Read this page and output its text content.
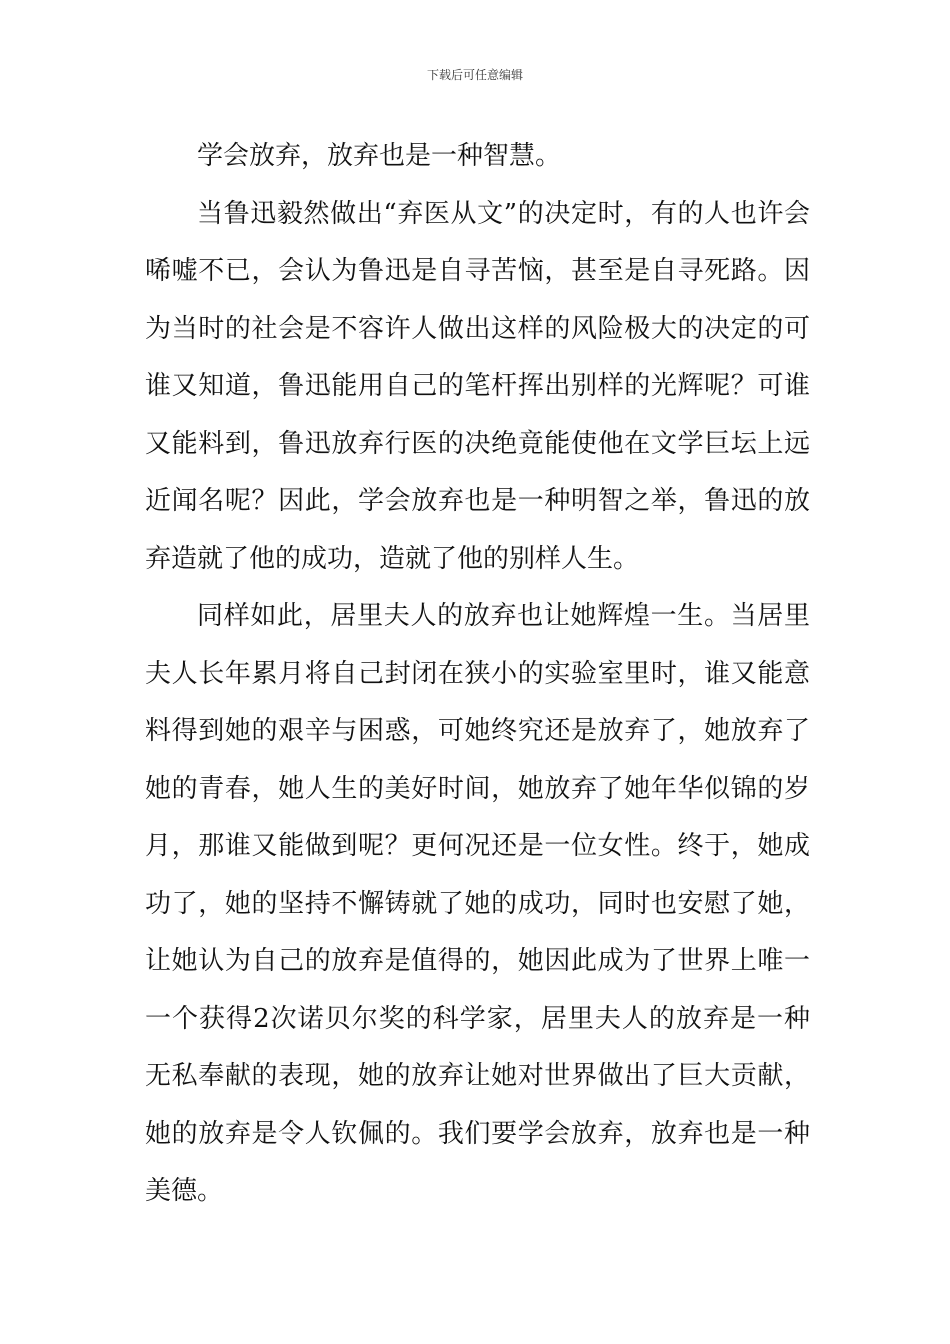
下载后可任意编辑

学会放弃，放弃也是一种智慧。

当鲁迅毅然做出“弃医从文”的决定时，有的人也许会唏嘘不已，会认为鲁迅是自寻苦恼，甚至是自寻死路。因为当时的社会是不容许人做出这样的风险极大的决定的可谁又知道，鲁迅能用自己的笔杆挥出别样的光辉呢？可谁又能料到，鲁迅放弃行医的决绝竟能使他在文学巨坛上远近闻名呢？因此，学会放弃也是一种明智之举，鲁迅的放弃造就了他的成功，造就了他的别样人生。

同样如此，居里夫人的放弃也让她辉煌一生。当居里夫人长年累月将自己封闭在狭小的实验室里时，谁又能意料得到她的艰辛与困惑，可她终究还是放弃了，她放弃了她的青春，她人生的美好时间，她放弃了她年华似锦的岁月，那谁又能做到呢？更何况还是一位女性。终于，她成功了，她的坚持不懈铸就了她的成功，同时也安慰了她，让她认为自己的放弃是值得的，她因此成为了世界上唯一一个获得2次诺贝尔奖的科学家，居里夫人的放弃是一种无私奉献的表现，她的放弃让她对世界做出了巨大贡献，她的放弃是令人钦佩的。我们要学会放弃，放弃也是一种美德。
